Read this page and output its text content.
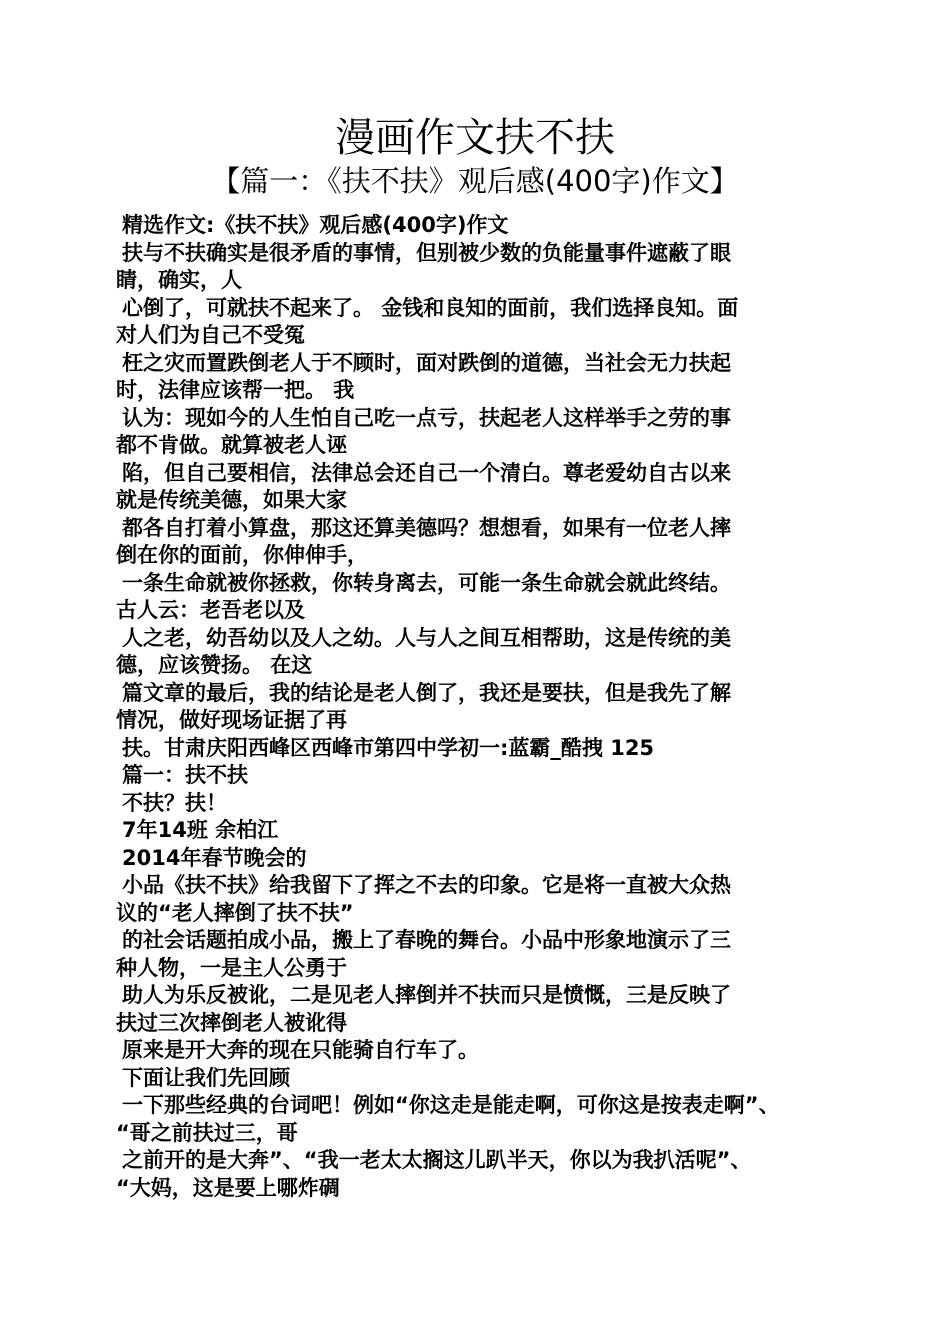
漫画作文扶不扶
【篇一：《扶不扶》观后感(400字)作文】
精选作文:《扶不扶》观后感(400字)作文
扶与不扶确实是很矛盾的事情，但别被少数的负能量事件遮蔽了眼
睛，确实，人
心倒了，可就扶不起来了。 金钱和良知的面前，我们选择良知。面
对人们为自己不受冤
枉之灾而置跌倒老人于不顾时，面对跌倒的道德，当社会无力扶起
时，法律应该帮一把。 我
认为：现如今的人生怕自己吃一点亏，扶起老人这样举手之劳的事
都不肯做。就算被老人诬
陷，但自己要相信，法律总会还自己一个清白。尊老爱幼自古以来
就是传统美德，如果大家
都各自打着小算盘，那这还算美德吗？想想看，如果有一位老人摔
倒在你的面前，你伸伸手，
一条生命就被你拯救，你转身离去，可能一条生命就会就此终结。
古人云：老吾老以及
人之老，幼吾幼以及人之幼。人与人之间互相帮助，这是传统的美
德，应该赞扬。 在这
篇文章的最后，我的结论是老人倒了，我还是要扶，但是我先了解
情况，做好现场证据了再
扶。甘肃庆阳西峰区西峰市第四中学初一:蓝霸_酷拽 125
篇一：扶不扶
不扶？扶！
7年14班 余柏江
2014年春节晚会的
小品《扶不扶》给我留下了挥之不去的印象。它是将一直被大众热
议的“老人摔倒了扶不扶”
的社会话题拍成小品，搬上了春晚的舞台。小品中形象地演示了三
种人物，一是主人公勇于
助人为乐反被讹，二是见老人摔倒并不扶而只是愤慨，三是反映了
扶过三次摔倒老人被讹得
原来是开大奔的现在只能骑自行车了。
下面让我们先回顾
一下那些经典的台词吧！例如“你这走是能走啊，可你这是按表走啊”、
“哥之前扶过三，哥
之前开的是大奔”、“我一老太太搁这儿趴半天，你以为我扒活呢”、
“大妈，这是要上哪炸碉
